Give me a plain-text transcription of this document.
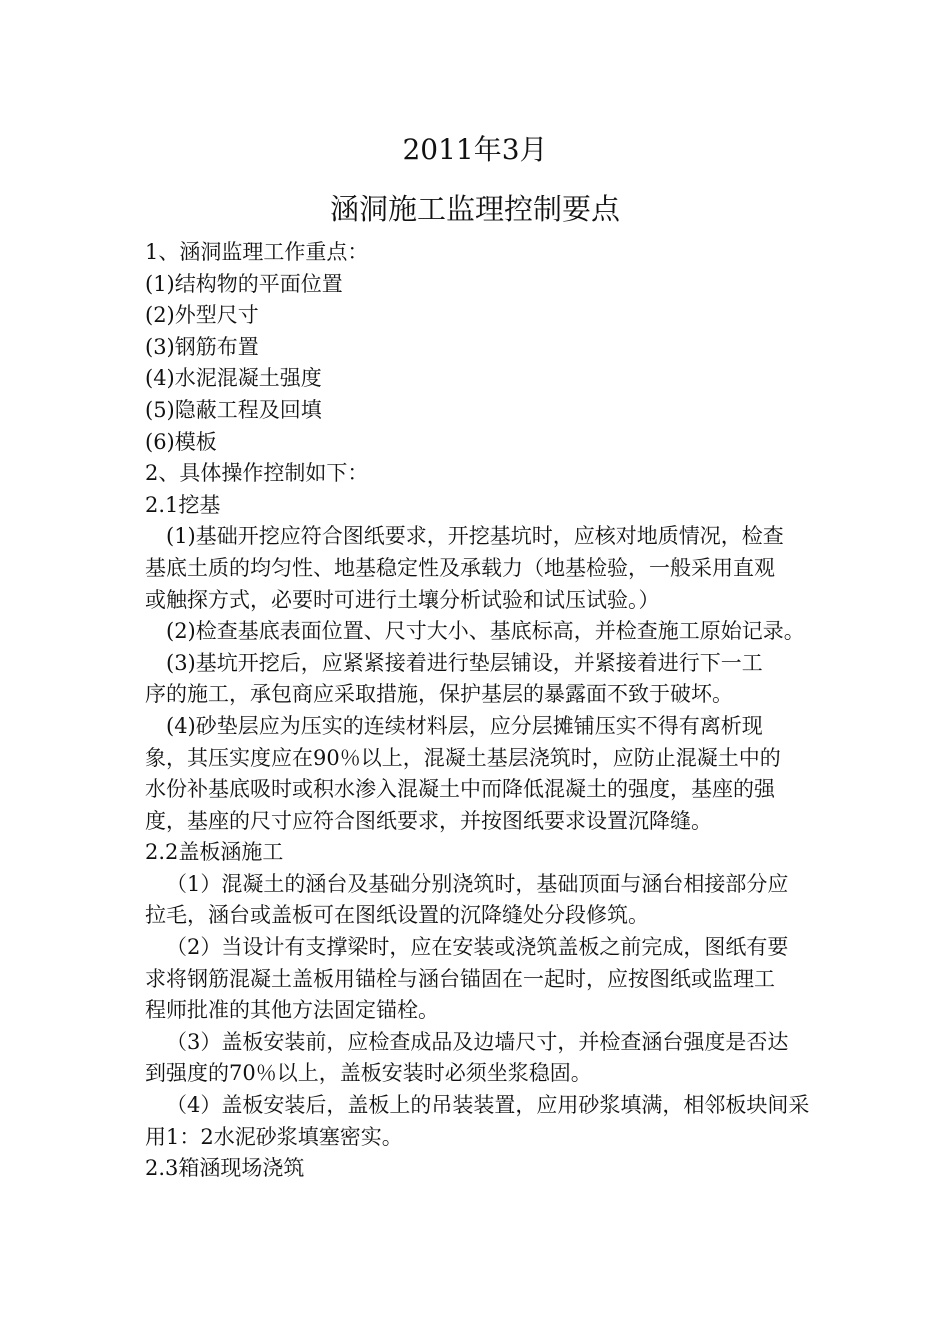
2011年3月
涵洞施工监理控制要点

1、涵洞监理工作重点：

(1)结构物的平面位置

(2)外型尺寸

(3)钢筋布置

(4)水泥混凝土强度

(5)隐蔽工程及回填

(6)模板

2、具体操作控制如下：

2.1挖基

(1)基础开挖应符合图纸要求，开挖基坑时，应核对地质情况，检查

基底土质的均匀性、地基稳定性及承载力（地基检验，一般采用直观

或触探方式，必要时可进行土壤分析试验和试压试验。）

(2)检查基底表面位置、尺寸大小、基底标高，并检查施工原始记录。

(3)基坑开挖后，应紧紧接着进行垫层铺设，并紧接着进行下一工

序的施工，承包商应采取措施，保护基层的暴露面不致于破坏。

(4)砂垫层应为压实的连续材料层，应分层摊铺压实不得有离析现

象，其压实度应在90％以上，混凝土基层浇筑时，应防止混凝土中的

水份补基底吸时或积水渗入混凝土中而降低混凝土的强度，基座的强

度，基座的尺寸应符合图纸要求，并按图纸要求设置沉降缝。

2.2盖板涵施工

（1）混凝土的涵台及基础分别浇筑时，基础顶面与涵台相接部分应

拉毛，涵台或盖板可在图纸设置的沉降缝处分段修筑。

（2）当设计有支撑梁时，应在安装或浇筑盖板之前完成，图纸有要

求将钢筋混凝土盖板用锚栓与涵台锚固在一起时，应按图纸或监理工

程师批准的其他方法固定锚栓。

（3）盖板安装前，应检查成品及边墙尺寸，并检查涵台强度是否达

到强度的70％以上，盖板安装时必须坐浆稳固。

（4）盖板安装后，盖板上的吊装装置，应用砂浆填满，相邻板块间采

用1：2水泥砂浆填塞密实。

2.3箱涵现场浇筑
